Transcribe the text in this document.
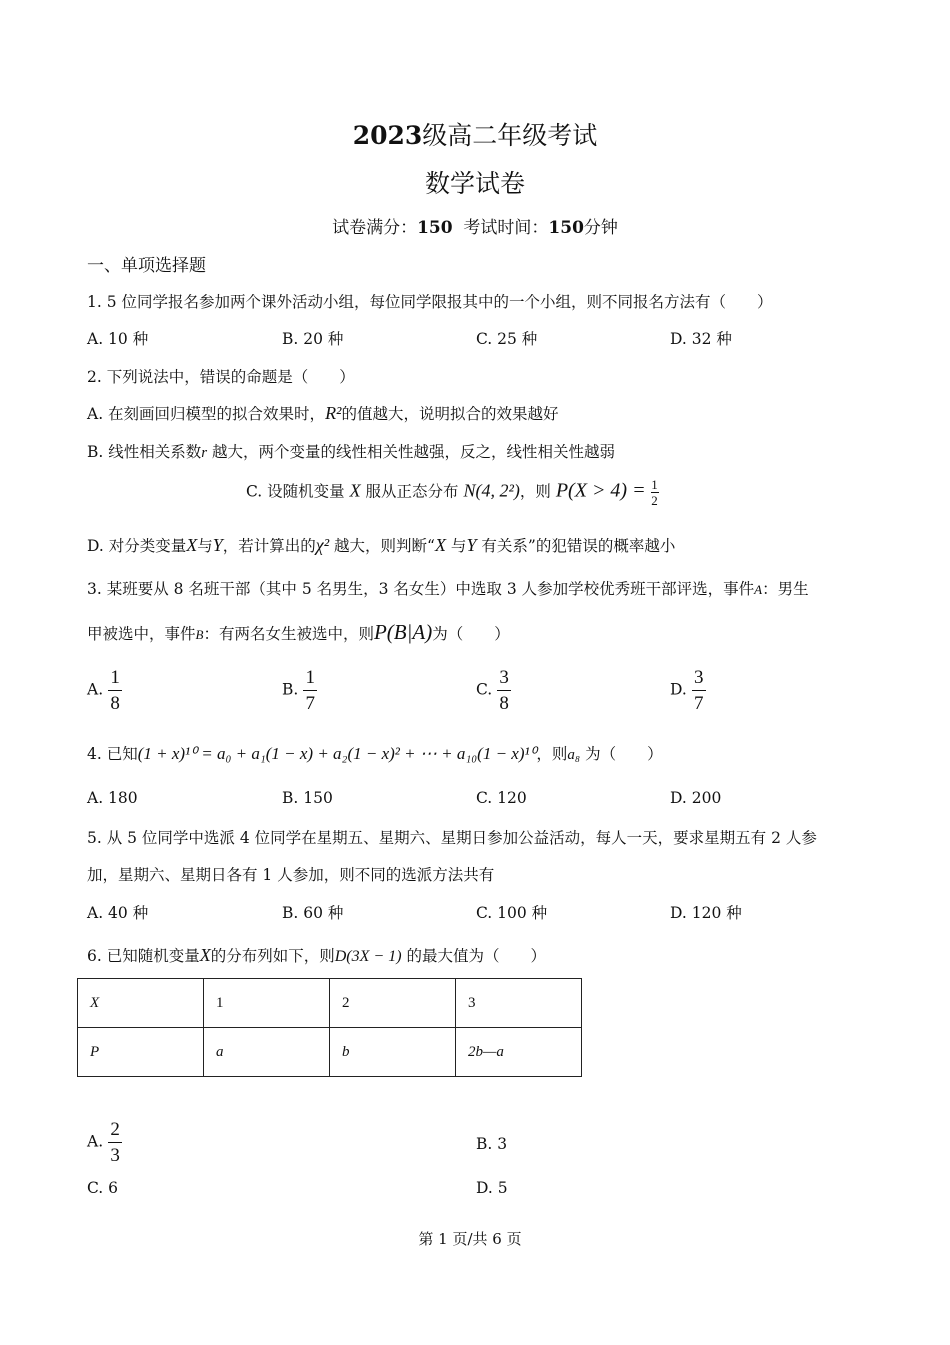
2023级高二年级考试
数学试卷
试卷满分：150 考试时间：150分钟
一、单项选择题
1. 5 位同学报名参加两个课外活动小组，每位同学限报其中的一个小组，则不同报名方法有（　　）
A. 10 种	B. 20 种	C. 25 种	D. 32 种
2. 下列说法中，错误的命题是（　　）
A. 在刻画回归模型的拟合效果时，R²的值越大，说明拟合的效果越好
B. 线性相关系数r 越大，两个变量的线性相关性越强，反之，线性相关性越弱
C. 设随机变量 X 服从正态分布 N(4, 2²)，则 $P(X > 4) = \frac{1}{2}$
D. 对分类变量X与Y，若计算出的χ² 越大，则判断“X 与Y 有关系”的犯错误的概率越小
3. 某班要从 8 名班干部（其中 5 名男生，3 名女生）中选取 3 人参加学校优秀班干部评选，事件A：男生
甲被选中，事件B：有两名女生被选中，则P(B|A)为（　　）
A. $\frac{1}{8}$	B. $\frac{1}{7}$	C. $\frac{3}{8}$	D. $\frac{3}{7}$
4. 已知(1 + x)¹⁰ = a₀ + a₁(1 − x) + a₂(1 − x)² + ⋯ + a₁₀(1 − x)¹⁰，则a₈ 为（　　）
A. 180	B. 150	C. 120	D. 200
5. 从 5 位同学中选派 4 位同学在星期五、星期六、星期日参加公益活动，每人一天，要求星期五有 2 人参
加，星期六、星期日各有 1 人参加，则不同的选派方法共有
A. 40 种	B. 60 种	C. 100 种	D. 120 种
6. 已知随机变量X的分布列如下，则D(3X − 1) 的最大值为（　　）
X	1	2	3
P	a	b	2b—a
A. $\frac{2}{3}$	B. 3
C. 6	D. 5
第 1 页/共 6 页
